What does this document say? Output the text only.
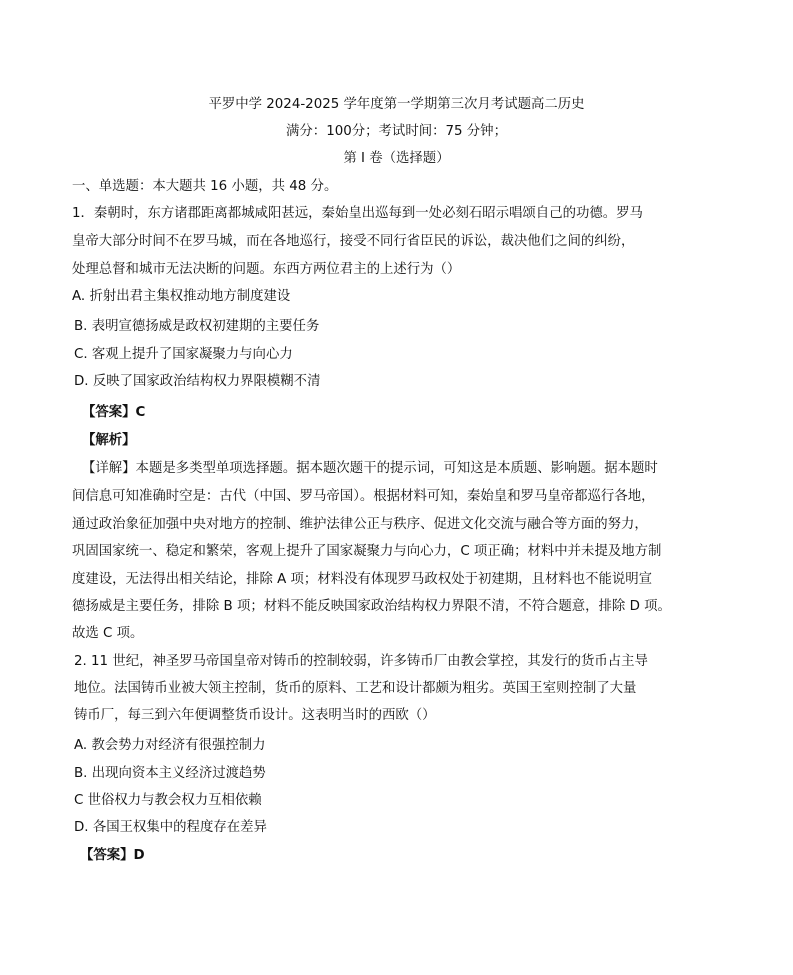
平罗中学 2024-2025 学年度第一学期第三次月考试题高二历史
满分：100分；考试时间：75 分钟；
第 I 卷（选择题）
一、单选题：本大题共 16 小题，共 48 分。
1．秦朝时，东方诸郡距离都城咸阳甚远，秦始皇出巡每到一处必刻石昭示唱颂自己的功德。罗马
皇帝大部分时间不在罗马城，而在各地巡行，接受不同行省臣民的诉讼，裁决他们之间的纠纷，
处理总督和城市无法决断的问题。东西方两位君主的上述行为（）
A. 折射出君主集权推动地方制度建设
B. 表明宣德扬威是政权初建期的主要任务
C. 客观上提升了国家凝聚力与向心力
D. 反映了国家政治结构权力界限模糊不清
【答案】C
【解析】
【详解】本题是多类型单项选择题。据本题次题干的提示词，可知这是本质题、影响题。据本题时
间信息可知准确时空是：古代（中国、罗马帝国）。根据材料可知，秦始皇和罗马皇帝都巡行各地，
通过政治象征加强中央对地方的控制、维护法律公正与秩序、促进文化交流与融合等方面的努力，
巩固国家统一、稳定和繁荣，客观上提升了国家凝聚力与向心力，C 项正确；材料中并未提及地方制
度建设，无法得出相关结论，排除 A 项；材料没有体现罗马政权处于初建期，且材料也不能说明宣
德扬威是主要任务，排除 B 项；材料不能反映国家政治结构权力界限不清，不符合题意，排除 D 项。
故选 C 项。
2. 11 世纪，神圣罗马帝国皇帝对铸币的控制较弱，许多铸币厂由教会掌控，其发行的货币占主导
地位。法国铸币业被大领主控制，货币的原料、工艺和设计都颇为粗劣。英国王室则控制了大量
铸币厂，每三到六年便调整货币设计。这表明当时的西欧（）
A. 教会势力对经济有很强控制力
B. 出现向资本主义经济过渡趋势
C 世俗权力与教会权力互相依赖
D. 各国王权集中的程度存在差异
【答案】D
